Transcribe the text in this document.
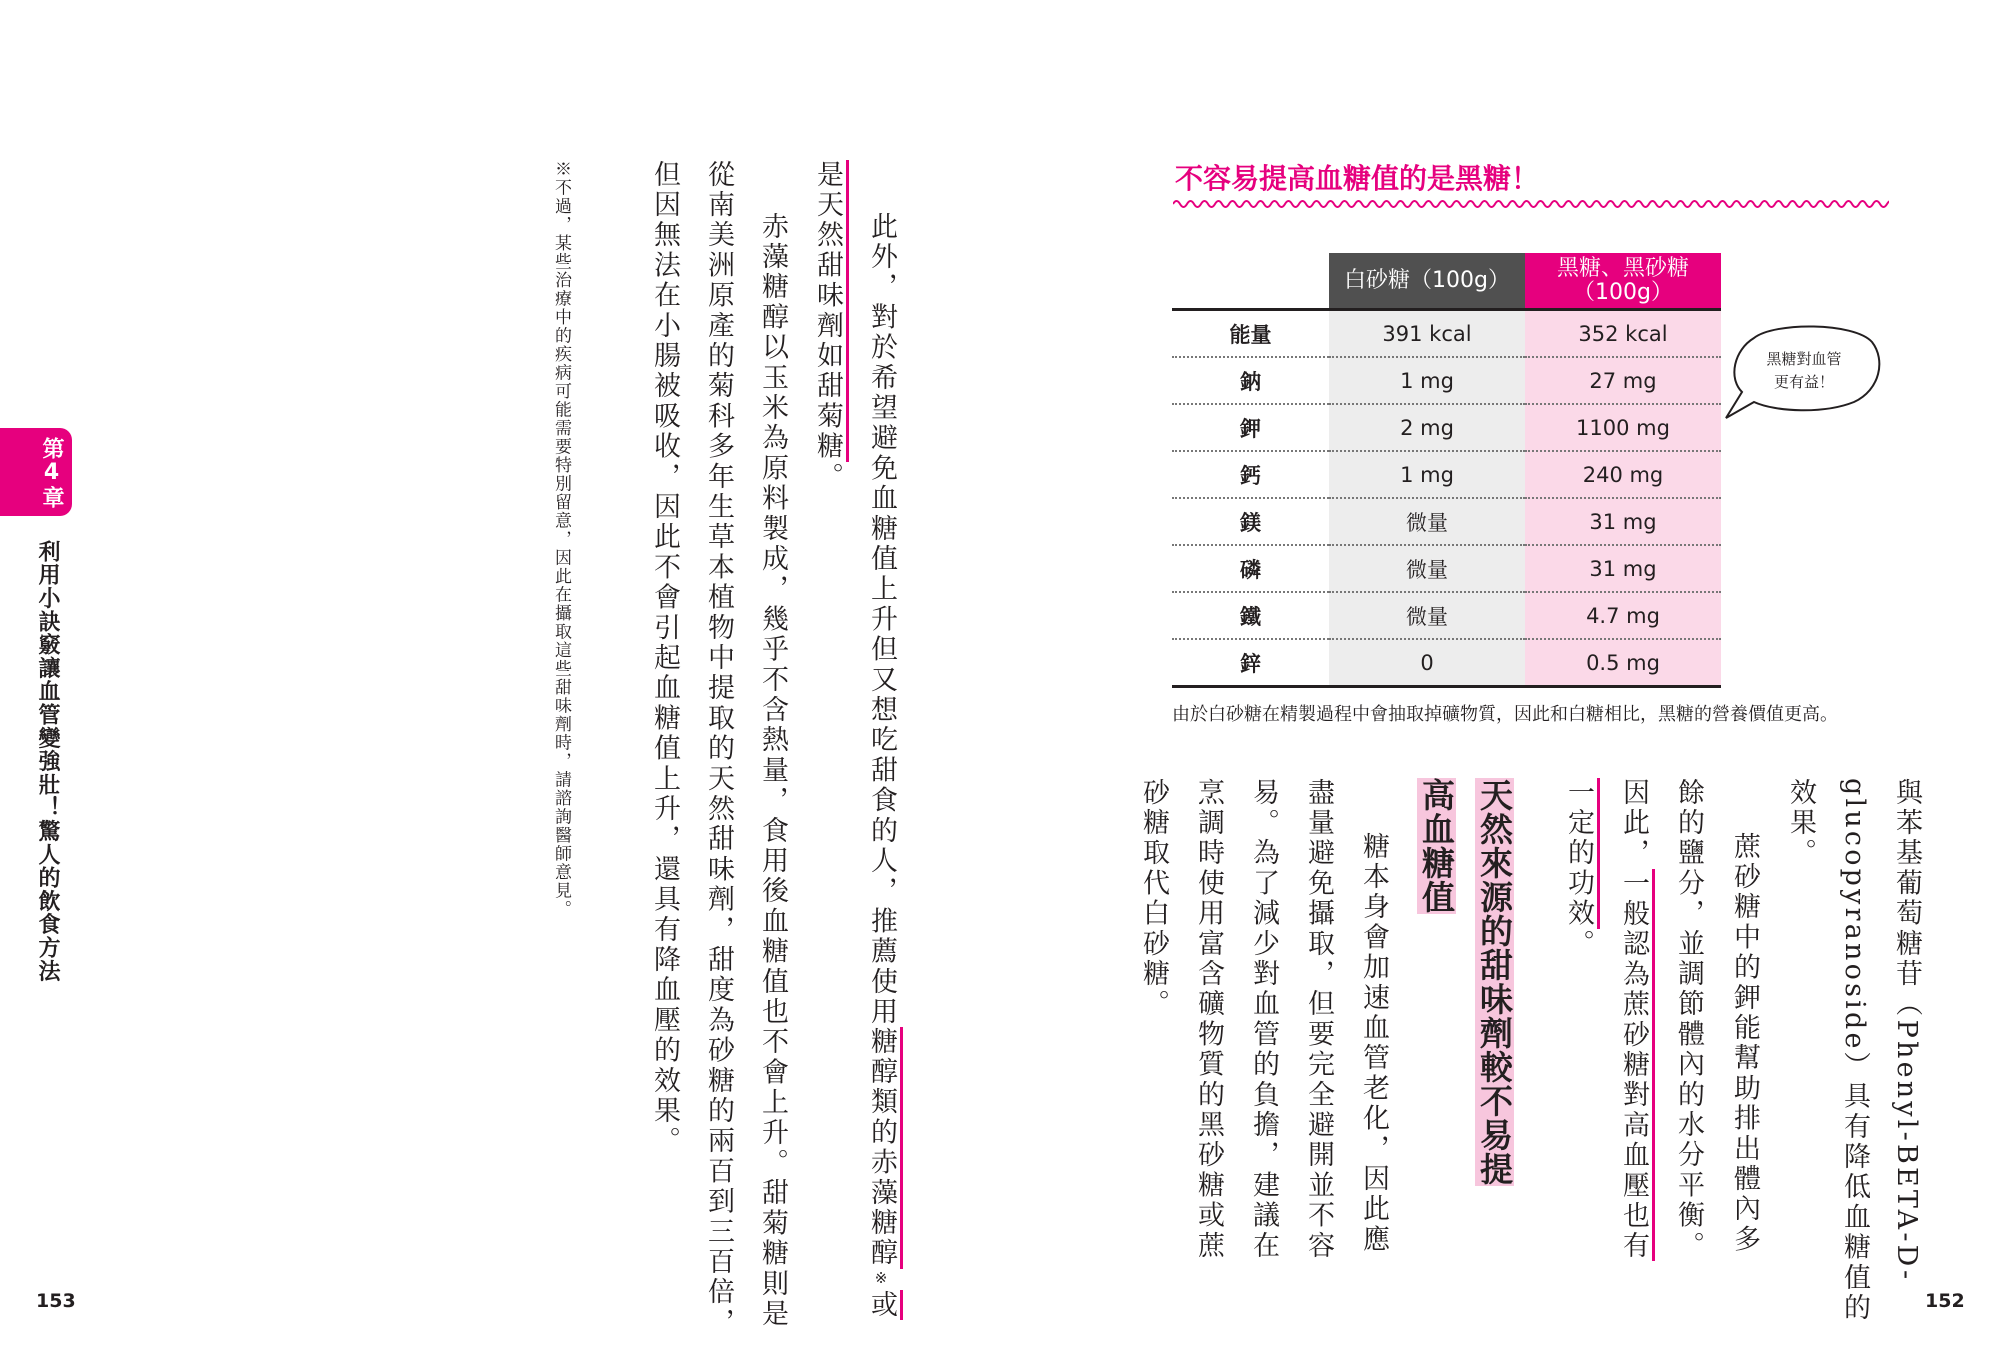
第4章
利用小訣竅讓血管變強壯！驚人的飲食方法	此外，對於希望避免血糖值上升但又想吃甜食的人，推薦使用糖醇類的赤藻糖醇※或
是天然甜味劑如甜菊糖。
赤藻糖醇以玉米為原料製成，幾乎不含熱量，食用後血糖值也不會上升。甜菊糖則是
從南美洲原產的菊科多年生草本植物中提取的天然甜味劑，甜度為砂糖的兩百到三百倍，
但因無法在小腸被吸收，因此不會引起血糖值上升，還具有降血壓的效果。
※不過，某些治療中的疾病可能需要特別留意，因此在攝取這些甜味劑時，請諮詢醫師意見。
153	152
不容易提高血糖值的是黑糖！
	白砂糖（100g）	黑糖、黑砂糖（100g）
能量	391 kcal	352 kcal
鈉	1 mg	27 mg
鉀	2 mg	1100 mg
鈣	1 mg	240 mg
鎂	微量	31 mg
磷	微量	31 mg
鐵	微量	4.7 mg
鋅	0	0.5 mg
黑糖對血管
更有益！
由於白砂糖在精製過程中會抽取掉礦物質，因此和白糖相比，黑糖的營養價值更高。
與苯基葡萄糖苷（Phenyl-BETA-D-
glucopyranoside）具有降低血糖值的
效果。
蔗砂糖中的鉀能幫助排出體內多
餘的鹽分，並調節體內的水分平衡。
因此，一般認為蔗砂糖對高血壓也有
一定的功效。
天然來源的甜味劑較不易提
高血糖值
糖本身會加速血管老化，因此應
盡量避免攝取，但要完全避開並不容
易。為了減少對血管的負擔，建議在
烹調時使用富含礦物質的黑砂糖或蔗
砂糖取代白砂糖。
